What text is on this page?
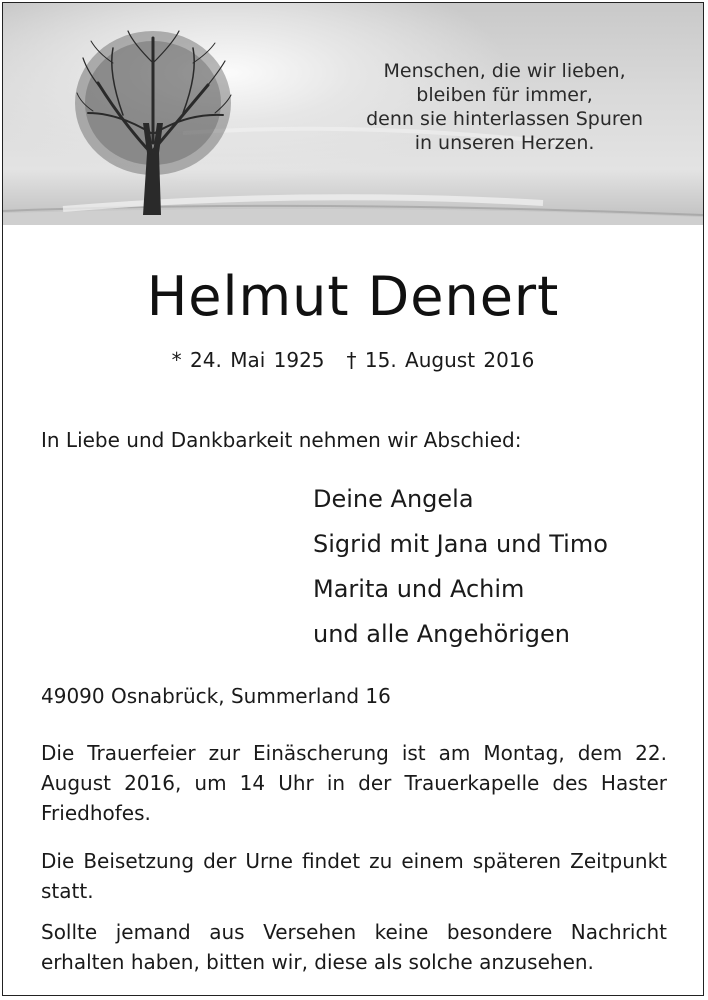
Menschen, die wir lieben,
bleiben für immer,
denn sie hinterlassen Spuren
in unseren Herzen.
Helmut Denert
* 24. Mai 1925 † 15. August 2016
In Liebe und Dankbarkeit nehmen wir Abschied:
Deine Angela
Sigrid mit Jana und Timo
Marita und Achim
und alle Angehörigen
49090 Osnabrück, Summerland 16
Die Trauerfeier zur Einäscherung ist am Montag, dem 22. August 2016, um 14 Uhr in der Trauerkapelle des Haster Friedhofes.
Die Beisetzung der Urne findet zu einem späteren Zeitpunkt statt.
Sollte jemand aus Versehen keine besondere Nachricht erhalten haben, bitten wir, diese als solche anzusehen.
